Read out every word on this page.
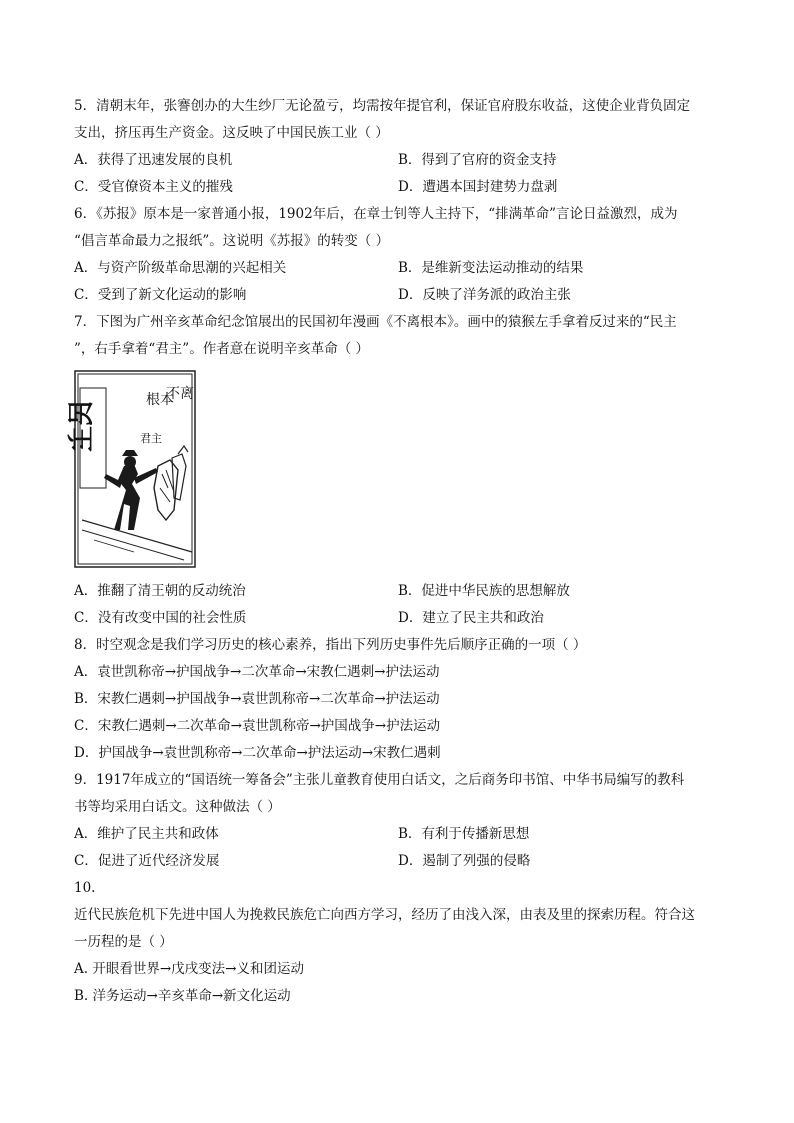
5．清朝末年，张謇创办的大生纱厂无论盈亏，均需按年提官利，保证官府股东收益，这使企业背负固定
支出，挤压再生产资金。这反映了中国民族工业（ ）
A．获得了迅速发展的良机	B．得到了官府的资金支持
C．受官僚资本主义的摧残	D．遭遇本国封建势力盘剥
6．《苏报》原本是一家普通小报，1902年后，在章士钊等人主持下，“排满革命”言论日益激烈，成为
“倡言革命最力之报纸”。这说明《苏报》的转变（ ）
A．与资产阶级革命思潮的兴起相关	B．是维新变法运动推动的结果
C．受到了新文化运动的影响	D．反映了洋务派的政治主张
7．下图为广州辛亥革命纪念馆展出的民国初年漫画《不离根本》。画中的猿猴左手拿着反过来的“民主
”，右手拿着“君主”。作者意在说明辛亥革命（ ）
不离
根本
君主
民主
A．推翻了清王朝的反动统治	B．促进中华民族的思想解放
C．没有改变中国的社会性质	D．建立了民主共和政治
8．时空观念是我们学习历史的核心素养，指出下列历史事件先后顺序正确的一项（ ）
A．袁世凯称帝→护国战争→二次革命→宋教仁遇刺→护法运动
B．宋教仁遇刺→护国战争→袁世凯称帝→二次革命→护法运动
C．宋教仁遇刺→二次革命→袁世凯称帝→护国战争→护法运动
D．护国战争→袁世凯称帝→二次革命→护法运动→宋教仁遇刺
9．1917年成立的“国语统一筹备会”主张儿童教育使用白话文，之后商务印书馆、中华书局编写的教科
书等均采用白话文。这种做法（ ）
A．维护了民主共和政体	B．有利于传播新思想
C．促进了近代经济发展	D．遏制了列强的侵略
10.
近代民族危机下先进中国人为挽救民族危亡向西方学习，经历了由浅入深，由表及里的探索历程。符合这
一历程的是（ ）
A. 开眼看世界→戊戌变法→义和团运动
B. 洋务运动→辛亥革命→新文化运动
